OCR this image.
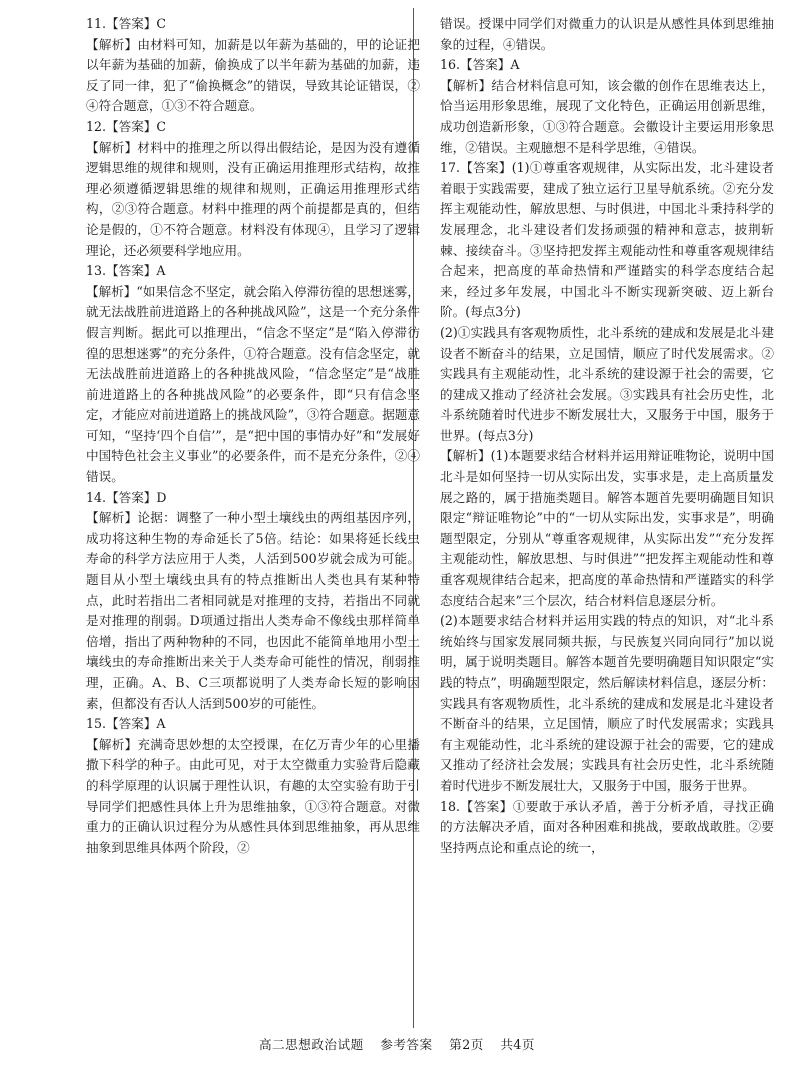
11.【答案】C

【解析】由材料可知，加薪是以年薪为基础的，甲的论证把以年薪为基础的加薪，偷换成了以半年薪为基础的加薪，违反了同一律，犯了“偷换概念”的错误，导致其论证错误，②④符合题意，①③不符合题意。

12.【答案】C

【解析】材料中的推理之所以得出假结论，是因为没有遵循逻辑思维的规律和规则，没有正确运用推理形式结构，故推理必须遵循逻辑思维的规律和规则，正确运用推理形式结构，②③符合题意。材料中推理的两个前提都是真的，但结论是假的，①不符合题意。材料没有体现④，且学习了逻辑理论，还必须要科学地应用。

13.【答案】A

【解析】“如果信念不坚定，就会陷入停滞彷徨的思想迷雾，就无法战胜前进道路上的各种挑战风险”，这是一个充分条件假言判断。据此可以推理出，“信念不坚定”是“陷入停滞彷徨的思想迷雾”的充分条件，①符合题意。没有信念坚定，就无法战胜前进道路上的各种挑战风险，“信念坚定”是“战胜前进道路上的各种挑战风险”的必要条件，即“只有信念坚定，才能应对前进道路上的挑战风险”，③符合题意。据题意可知，“坚持‘四个自信’”，是“把中国的事情办好”和“发展好中国特色社会主义事业”的必要条件，而不是充分条件，②④错误。

14.【答案】D

【解析】论据：调整了一种小型土壤线虫的两组基因序列，成功将这种生物的寿命延长了5倍。结论：如果将延长线虫寿命的科学方法应用于人类，人活到500岁就会成为可能。题目从小型土壤线虫具有的特点推断出人类也具有某种特点，此时若指出二者相同就是对推理的支持，若指出不同就是对推理的削弱。D项通过指出人类寿命不像线虫那样简单倍增，指出了两种物种的不同，也因此不能简单地用小型土壤线虫的寿命推断出来关于人类寿命可能性的情况，削弱推理，正确。A、B、C三项都说明了人类寿命长短的影响因素，但都没有否认人活到500岁的可能性。

15.【答案】A

【解析】充满奇思妙想的太空授课，在亿万青少年的心里播撒下科学的种子。由此可见，对于太空微重力实验背后隐藏的科学原理的认识属于理性认识，有趣的太空实验有助于引导同学们把感性具体上升为思维抽象，①③符合题意。对微重力的正确认识过程分为从感性具体到思维抽象，再从思维抽象到思维具体两个阶段，②

错误。授课中同学们对微重力的认识是从感性具体到思维抽象的过程，④错误。

16.【答案】A

【解析】结合材料信息可知，该会徽的创作在思维表达上，恰当运用形象思维，展现了文化特色，正确运用创新思维，成功创造新形象，①③符合题意。会徽设计主要运用形象思维，②错误。主观臆想不是科学思维，④错误。

17.【答案】(1)①尊重客观规律，从实际出发，北斗建设者着眼于实践需要，建成了独立运行卫星导航系统。②充分发挥主观能动性，解放思想、与时俱进，中国北斗秉持科学的发展理念，北斗建设者们发扬顽强的精神和意志，披荆斩棘、接续奋斗。③坚持把发挥主观能动性和尊重客观规律结合起来，把高度的革命热情和严谨踏实的科学态度结合起来，经过多年发展，中国北斗不断实现新突破、迈上新台阶。(每点3分)

(2)①实践具有客观物质性，北斗系统的建成和发展是北斗建设者不断奋斗的结果，立足国情，顺应了时代发展需求。②实践具有主观能动性，北斗系统的建设源于社会的需要，它的建成又推动了经济社会发展。③实践具有社会历史性，北斗系统随着时代进步不断发展壮大，又服务于中国，服务于世界。(每点3分)

【解析】(1)本题要求结合材料并运用辩证唯物论，说明中国北斗是如何坚持一切从实际出发，实事求是，走上高质量发展之路的，属于措施类题目。解答本题首先要明确题目知识限定“辩证唯物论”中的“一切从实际出发，实事求是”，明确题型限定，分别从“尊重客观规律，从实际出发”“充分发挥主观能动性，解放思想、与时俱进”“把发挥主观能动性和尊重客观规律结合起来，把高度的革命热情和严谨踏实的科学态度结合起来”三个层次，结合材料信息逐层分析。

(2)本题要求结合材料并运用实践的特点的知识，对“北斗系统始终与国家发展同频共振，与民族复兴同向同行”加以说明，属于说明类题目。解答本题首先要明确题目知识限定“实践的特点”，明确题型限定，然后解读材料信息，逐层分析：实践具有客观物质性，北斗系统的建成和发展是北斗建设者不断奋斗的结果，立足国情，顺应了时代发展需求；实践具有主观能动性，北斗系统的建设源于社会的需要，它的建成又推动了经济社会发展；实践具有社会历史性，北斗系统随着时代进步不断发展壮大，又服务于中国，服务于世界。

18.【答案】①要敢于承认矛盾，善于分析矛盾，寻找正确的方法解决矛盾，面对各种困难和挑战，要敢战敢胜。②要坚持两点论和重点论的统一，

高二思想政治试题 参考答案 第2页 共4页
